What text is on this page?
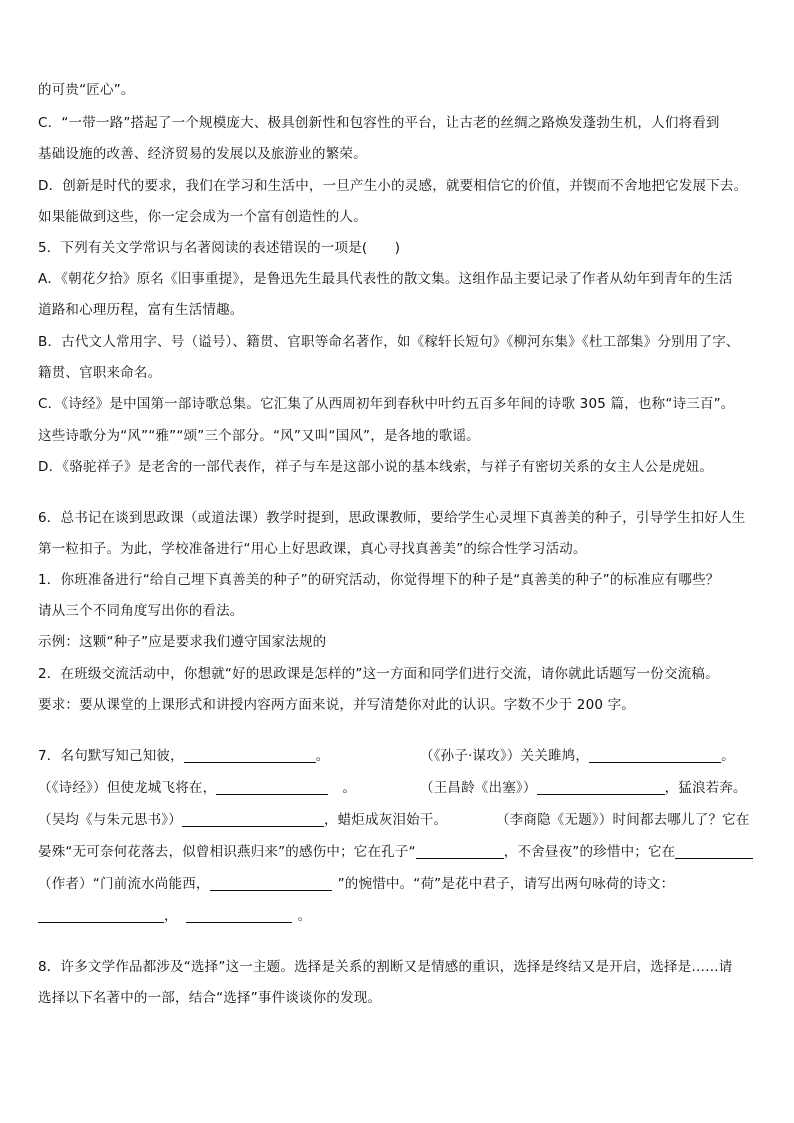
的可贵“匠心”。
C．“一带一路”搭起了一个规模庞大、极具创新性和包容性的平台，让古老的丝绸之路焕发蓬勃生机，人们将看到
基础设施的改善、经济贸易的发展以及旅游业的繁荣。
D．创新是时代的要求，我们在学习和生活中，一旦产生小的灵感，就要相信它的价值，并锲而不舍地把它发展下去。
如果能做到这些，你一定会成为一个富有创造性的人。
5．下列有关文学常识与名著阅读的表述错误的一项是(　　)
A．《朝花夕拾》原名《旧事重提》，是鲁迅先生最具代表性的散文集。这组作品主要记录了作者从幼年到青年的生活
道路和心理历程，富有生活情趣。
B．古代文人常用字、号（谥号）、籍贯、官职等命名著作，如《稼轩长短句》《柳河东集》《杜工部集》分别用了字、
籍贯、官职来命名。
C．《诗经》是中国第一部诗歌总集。它汇集了从西周初年到春秋中叶约五百多年间的诗歌 305 篇，也称“诗三百”。
这些诗歌分为“风”“雅”“颂”三个部分。“风”又叫“国风”，是各地的歌谣。
D．《骆驼祥子》是老舍的一部代表作，祥子与车是这部小说的基本线索，与祥子有密切关系的女主人公是虎妞。
6．总书记在谈到思政课（或道法课）教学时提到，思政课教师，要给学生心灵埋下真善美的种子，引导学生扣好人生
第一粒扣子。为此，学校准备进行“用心上好思政课，真心寻找真善美”的综合性学习活动。
1．你班准备进行“给自己埋下真善美的种子”的研究活动，你觉得埋下的种子是“真善美的种子”的标准应有哪些？
请从三个不同角度写出你的看法。
示例：这颗“种子”应是要求我们遵守国家法规的
2．在班级交流活动中，你想就“好的思政课是怎样的”这一方面和同学们进行交流，请你就此话题写一份交流稿。
要求：要从课堂的上课形式和讲授内容两方面来说，并写清楚你对此的认识。字数不少于 200 字。
7．名句默写知己知彼，	。	（《孙子·谋攻》）关关雎鸠，	。
（《诗经》）但使龙城飞将在，	。	（王昌龄《出塞》）	，猛浪若奔。
（吴均《与朱元思书》）	，蜡炬成灰泪始干。	（李商隐《无题》）时间都去哪儿了？它在
晏殊“无可奈何花落去，似曾相识燕归来”的感伤中；它在孔子“	，不舍昼夜”的珍惜中；它在
（作者）“门前流水尚能西，	”的惋惜中。“荷”是花中君子，请写出两句咏荷的诗文：
，	。
8．许多文学作品都涉及“选择”这一主题。选择是关系的割断又是情感的重识，选择是终结又是开启，选择是……请
选择以下名著中的一部，结合“选择”事件谈谈你的发现。
